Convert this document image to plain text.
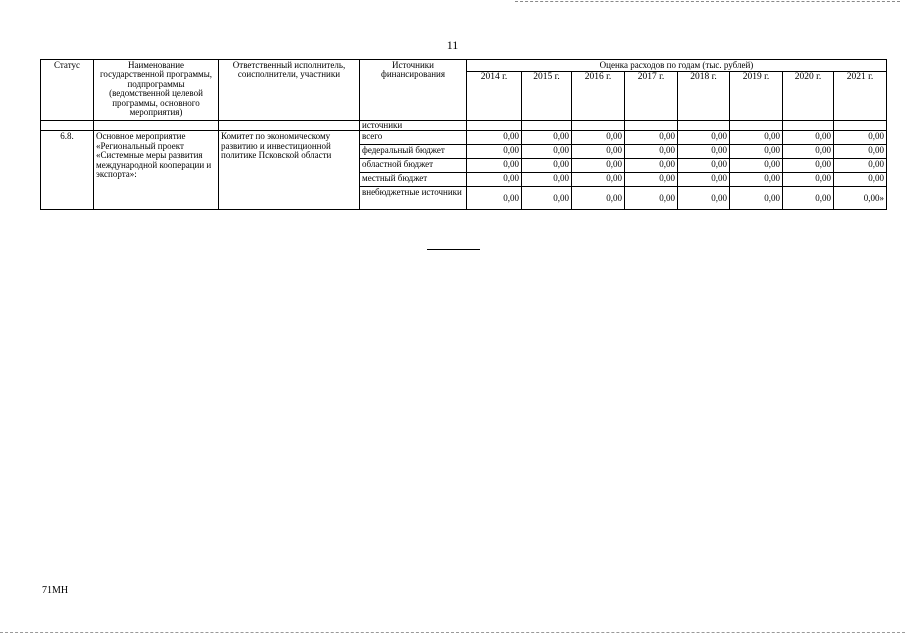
11
Статус	Наименование государственной программы, подпрограммы (ведомственной целевой программы, основного мероприятия)	Ответственный исполнитель, соисполнители, участники	Источники финансирования	Оценка расходов по годам (тыс. рублей)							
				2014 г.	2015 г.	2016 г.	2017 г.	2018 г.	2019 г.	2020 г.	2021 г.
			источники								
6.8.	Основное мероприятие «Региональный проект «Системные меры развития международной кооперации и экспорта»:	Комитет по экономическому развитию и инвестиционной политике Псковской области	всего	0,00	0,00	0,00	0,00	0,00	0,00	0,00	0,00
			федеральный бюджет	0,00	0,00	0,00	0,00	0,00	0,00	0,00	0,00
			областной бюджет	0,00	0,00	0,00	0,00	0,00	0,00	0,00	0,00
			местный бюджет	0,00	0,00	0,00	0,00	0,00	0,00	0,00	0,00
			внебюджетные источники	0,00	0,00	0,00	0,00	0,00	0,00	0,00	0,00»
71МН
